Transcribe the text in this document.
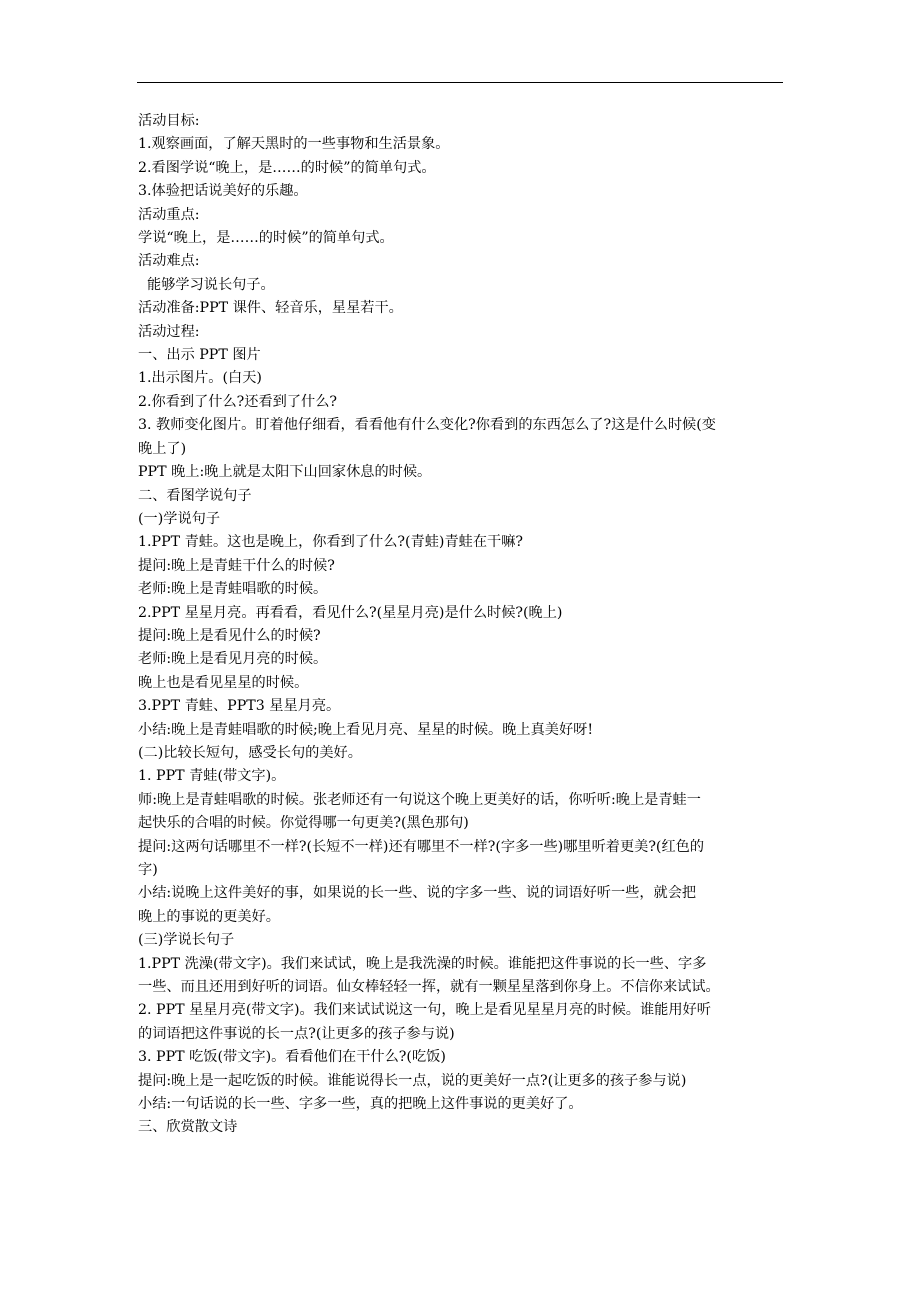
活动目标:
1.观察画面，了解天黑时的一些事物和生活景象。
2.看图学说“晚上，是……的时候”的简单句式。
3.体验把话说美好的乐趣。
活动重点:
学说“晚上，是……的时候”的简单句式。
活动难点:
能够学习说长句子。
活动准备:PPT 课件、轻音乐，星星若干。
活动过程:
一、出示 PPT 图片
1.出示图片。(白天)
2.你看到了什么?还看到了什么?
3. 教师变化图片。盯着他仔细看，看看他有什么变化?你看到的东西怎么了?这是什么时候(变
晚上了)
PPT 晚上:晚上就是太阳下山回家休息的时候。
二、看图学说句子
(一)学说句子
1.PPT 青蛙。这也是晚上，你看到了什么?(青蛙)青蛙在干嘛?
提问:晚上是青蛙干什么的时候?
老师:晚上是青蛙唱歌的时候。
2.PPT 星星月亮。再看看，看见什么?(星星月亮)是什么时候?(晚上)
提问:晚上是看见什么的时候?
老师:晚上是看见月亮的时候。
晚上也是看见星星的时候。
3.PPT 青蛙、PPT3 星星月亮。
小结:晚上是青蛙唱歌的时候;晚上看见月亮、星星的时候。晚上真美好呀!
(二)比较长短句，感受长句的美好。
1. PPT 青蛙(带文字)。
师:晚上是青蛙唱歌的时候。张老师还有一句说这个晚上更美好的话，你听听:晚上是青蛙一
起快乐的合唱的时候。你觉得哪一句更美?(黑色那句)
提问:这两句话哪里不一样?(长短不一样)还有哪里不一样?(字多一些)哪里听着更美?(红色的
字)
小结:说晚上这件美好的事，如果说的长一些、说的字多一些、说的词语好听一些，就会把
晚上的事说的更美好。
(三)学说长句子
1.PPT 洗澡(带文字)。我们来试试，晚上是我洗澡的时候。谁能把这件事说的长一些、字多
一些、而且还用到好听的词语。仙女棒轻轻一挥，就有一颗星星落到你身上。不信你来试试。
2. PPT 星星月亮(带文字)。我们来试试说这一句，晚上是看见星星月亮的时候。谁能用好听
的词语把这件事说的长一点?(让更多的孩子参与说)
3. PPT 吃饭(带文字)。看看他们在干什么?(吃饭)
提问:晚上是一起吃饭的时候。谁能说得长一点，说的更美好一点?(让更多的孩子参与说)
小结:一句话说的长一些、字多一些，真的把晚上这件事说的更美好了。
三、欣赏散文诗
